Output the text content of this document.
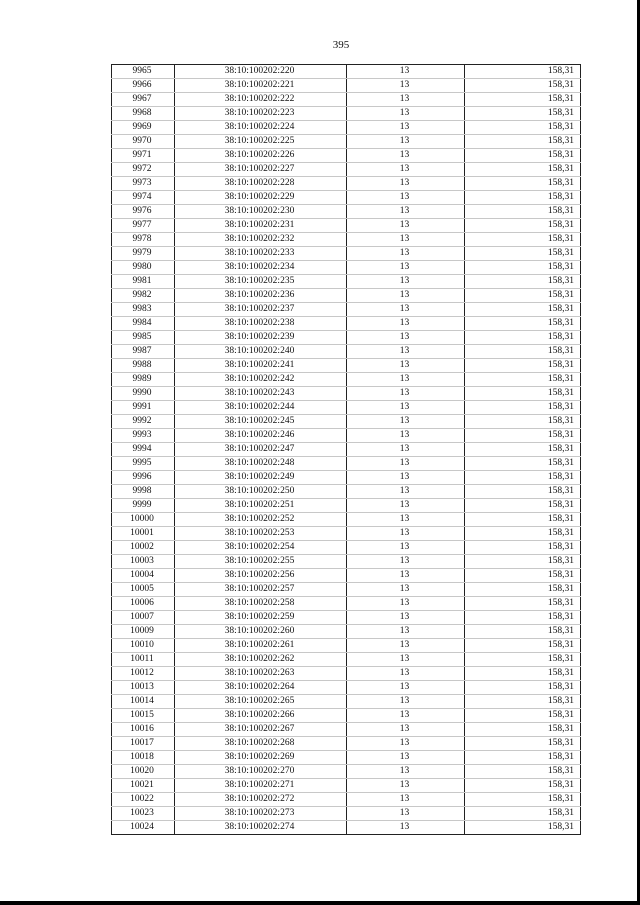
395
9965	38:10:100202:220	13	158,31
9966	38:10:100202:221	13	158,31
9967	38:10:100202:222	13	158,31
9968	38:10:100202:223	13	158,31
9969	38:10:100202:224	13	158,31
9970	38:10:100202:225	13	158,31
9971	38:10:100202:226	13	158,31
9972	38:10:100202:227	13	158,31
9973	38:10:100202:228	13	158,31
9974	38:10:100202:229	13	158,31
9976	38:10:100202:230	13	158,31
9977	38:10:100202:231	13	158,31
9978	38:10:100202:232	13	158,31
9979	38:10:100202:233	13	158,31
9980	38:10:100202:234	13	158,31
9981	38:10:100202:235	13	158,31
9982	38:10:100202:236	13	158,31
9983	38:10:100202:237	13	158,31
9984	38:10:100202:238	13	158,31
9985	38:10:100202:239	13	158,31
9987	38:10:100202:240	13	158,31
9988	38:10:100202:241	13	158,31
9989	38:10:100202:242	13	158,31
9990	38:10:100202:243	13	158,31
9991	38:10:100202:244	13	158,31
9992	38:10:100202:245	13	158,31
9993	38:10:100202:246	13	158,31
9994	38:10:100202:247	13	158,31
9995	38:10:100202:248	13	158,31
9996	38:10:100202:249	13	158,31
9998	38:10:100202:250	13	158,31
9999	38:10:100202:251	13	158,31
10000	38:10:100202:252	13	158,31
10001	38:10:100202:253	13	158,31
10002	38:10:100202:254	13	158,31
10003	38:10:100202:255	13	158,31
10004	38:10:100202:256	13	158,31
10005	38:10:100202:257	13	158,31
10006	38:10:100202:258	13	158,31
10007	38:10:100202:259	13	158,31
10009	38:10:100202:260	13	158,31
10010	38:10:100202:261	13	158,31
10011	38:10:100202:262	13	158,31
10012	38:10:100202:263	13	158,31
10013	38:10:100202:264	13	158,31
10014	38:10:100202:265	13	158,31
10015	38:10:100202:266	13	158,31
10016	38:10:100202:267	13	158,31
10017	38:10:100202:268	13	158,31
10018	38:10:100202:269	13	158,31
10020	38:10:100202:270	13	158,31
10021	38:10:100202:271	13	158,31
10022	38:10:100202:272	13	158,31
10023	38:10:100202:273	13	158,31
10024	38:10:100202:274	13	158,31
